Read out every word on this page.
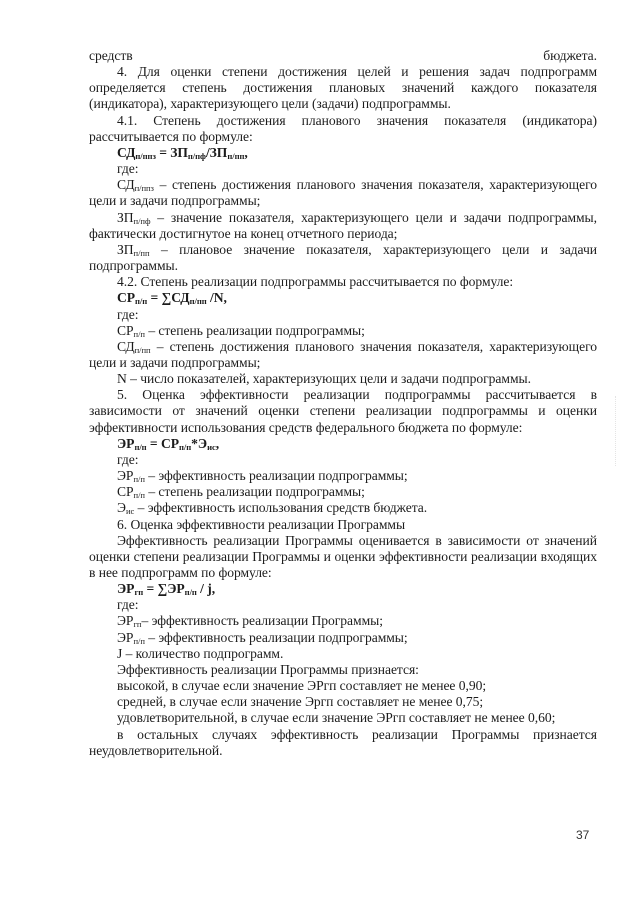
средств бюджета.

4. Для оценки степени достижения целей и решения задач подпрограмм определяется степень достижения плановых значений каждого показателя (индикатора), характеризующего цели (задачи) подпрограммы.

4.1. Степень достижения планового значения показателя (индикатора) рассчитывается по формуле:

$СД_{п/ппз} = ЗП_{п/пф}/ЗП_{п/пп}$,

где:

$СД_{п/ппз}$ – степень достижения планового значения показателя, характеризующего цели и задачи подпрограммы;

$ЗП_{п/пф}$ – значение показателя, характеризующего цели и задачи подпрограммы, фактически достигнутое на конец отчетного периода;

$ЗП_{п/пп}$ – плановое значение показателя, характеризующего цели и задачи подпрограммы.

4.2. Степень реализации подпрограммы рассчитывается по формуле:

$СР_{п/п} = \sum СД_{п/пп}$ /N,

где:

$СР_{п/п}$ – степень реализации подпрограммы;

$СД_{п/пп}$ – степень достижения планового значения показателя, характеризующего цели и задачи подпрограммы;

N – число показателей, характеризующих цели и задачи подпрограммы.

5. Оценка эффективности реализации подпрограммы рассчитывается в зависимости от значений оценки степени реализации подпрограммы и оценки эффективности использования средств федерального бюджета по формуле:

$ЭР_{п/п} = СР_{п/п}*Э_{ис}$,

где:

$ЭР_{п/п}$ – эффективность реализации подпрограммы;

$СР_{п/п}$ – степень реализации подпрограммы;

$Э_{ис}$ – эффективность использования средств бюджета.

6. Оценка эффективности реализации Программы

Эффективность реализации Программы оценивается в зависимости от значений оценки степени реализации Программы и оценки эффективности реализации входящих в нее подпрограмм по формуле:

$ЭР_{гп} = \sum ЭР_{п/п} / j$,

где:

$ЭР_{гп}-$ эффективность реализации Программы;

$ЭР_{п/п}$ – эффективность реализации подпрограммы;

J – количество подпрограмм.

Эффективность реализации Программы признается:

высокой, в случае если значение ЭРгп составляет не менее 0,90;

средней, в случае если значение Эргп составляет не менее 0,75;

удовлетворительной, в случае если значение ЭРгп составляет не менее 0,60;

в остальных случаях эффективность реализации Программы признается неудовлетворительной.

37
